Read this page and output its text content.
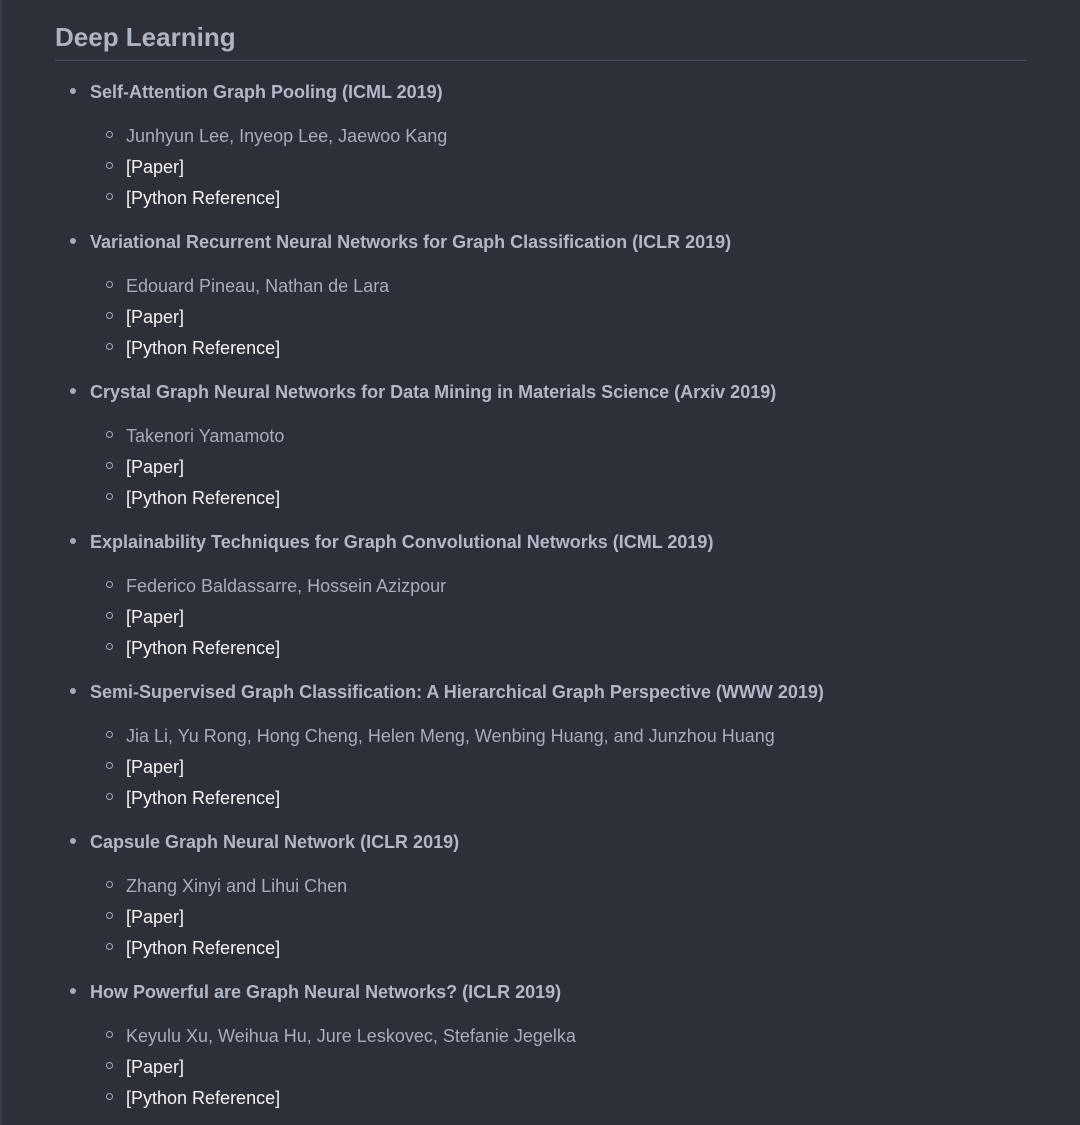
Deep Learning
Self-Attention Graph Pooling (ICML 2019)
Junhyun Lee, Inyeop Lee, Jaewoo Kang
[Paper]
[Python Reference]
Variational Recurrent Neural Networks for Graph Classification (ICLR 2019)
Edouard Pineau, Nathan de Lara
[Paper]
[Python Reference]
Crystal Graph Neural Networks for Data Mining in Materials Science (Arxiv 2019)
Takenori Yamamoto
[Paper]
[Python Reference]
Explainability Techniques for Graph Convolutional Networks (ICML 2019)
Federico Baldassarre, Hossein Azizpour
[Paper]
[Python Reference]
Semi-Supervised Graph Classification: A Hierarchical Graph Perspective (WWW 2019)
Jia Li, Yu Rong, Hong Cheng, Helen Meng, Wenbing Huang, and Junzhou Huang
[Paper]
[Python Reference]
Capsule Graph Neural Network (ICLR 2019)
Zhang Xinyi and Lihui Chen
[Paper]
[Python Reference]
How Powerful are Graph Neural Networks? (ICLR 2019)
Keyulu Xu, Weihua Hu, Jure Leskovec, Stefanie Jegelka
[Paper]
[Python Reference]
